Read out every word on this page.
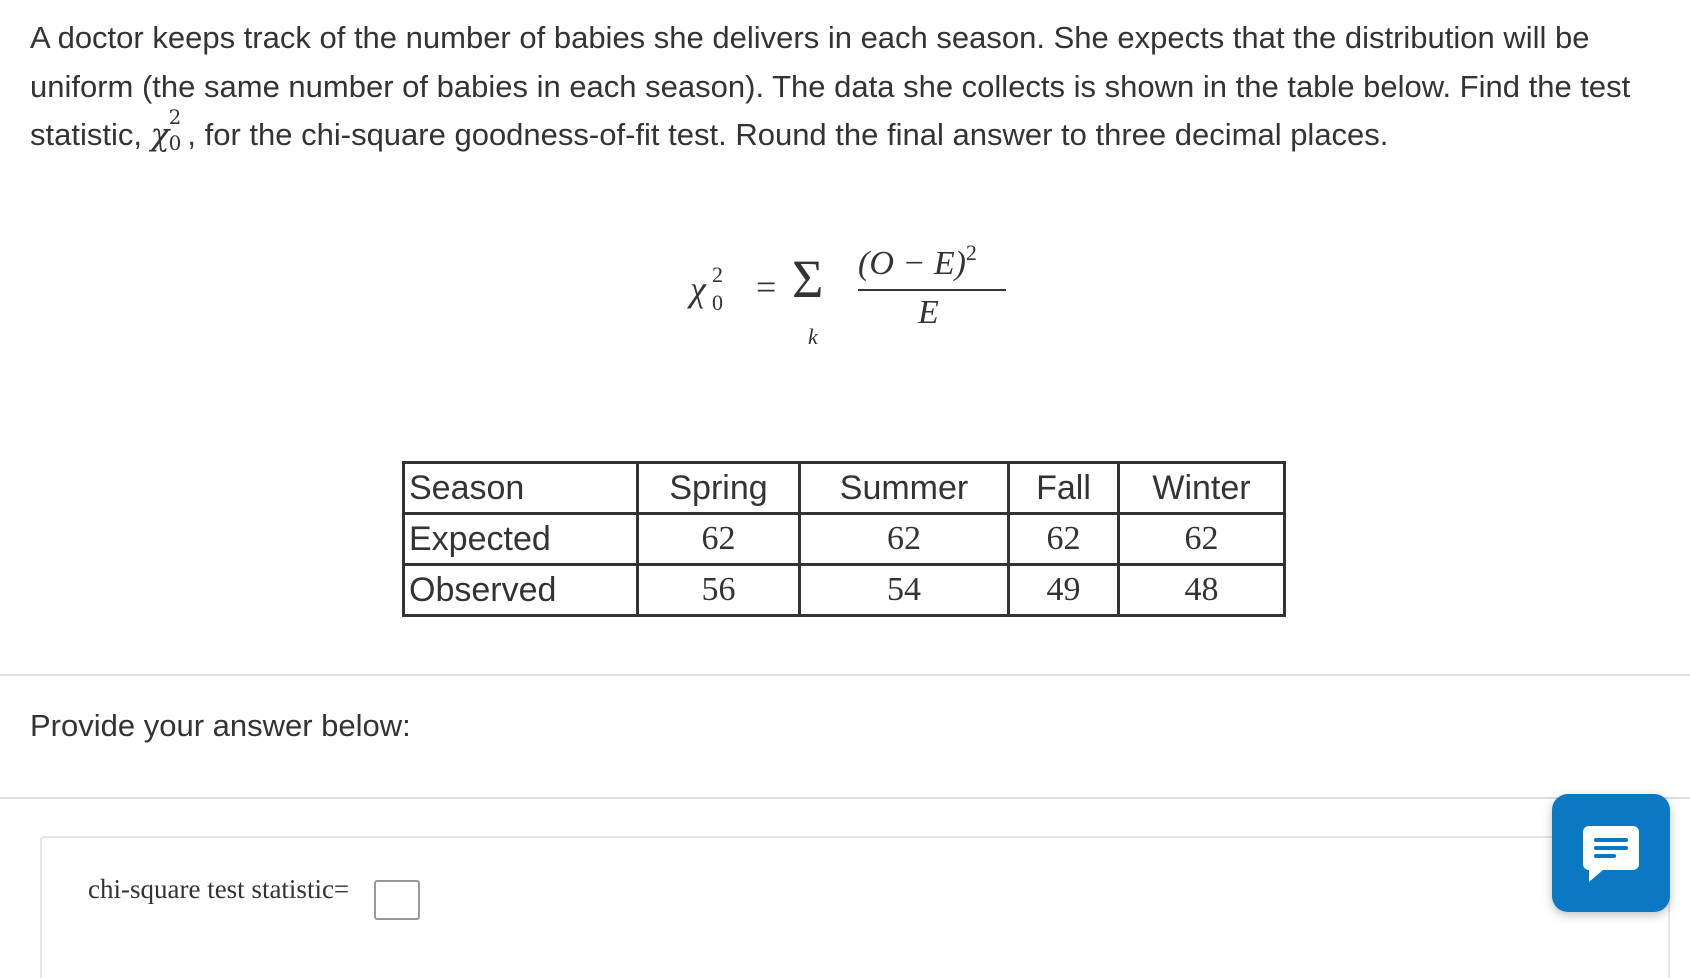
A doctor keeps track of the number of babies she delivers in each season. She expects that the distribution will be uniform (the same number of babies in each season). The data she collects is shown in the table below. Find the test statistic, χ 2
0 , for the chi-square goodness-of-fit test. Round the final answer to three decimal places.
χ 2
0 = Σ
k
$(O - E)^2$
E
Season	Spring	Summer	Fall	Winter
Expected	62	62	62	62
Observed	56	54	49	48
Provide your answer below:
chi-square test statistic=
